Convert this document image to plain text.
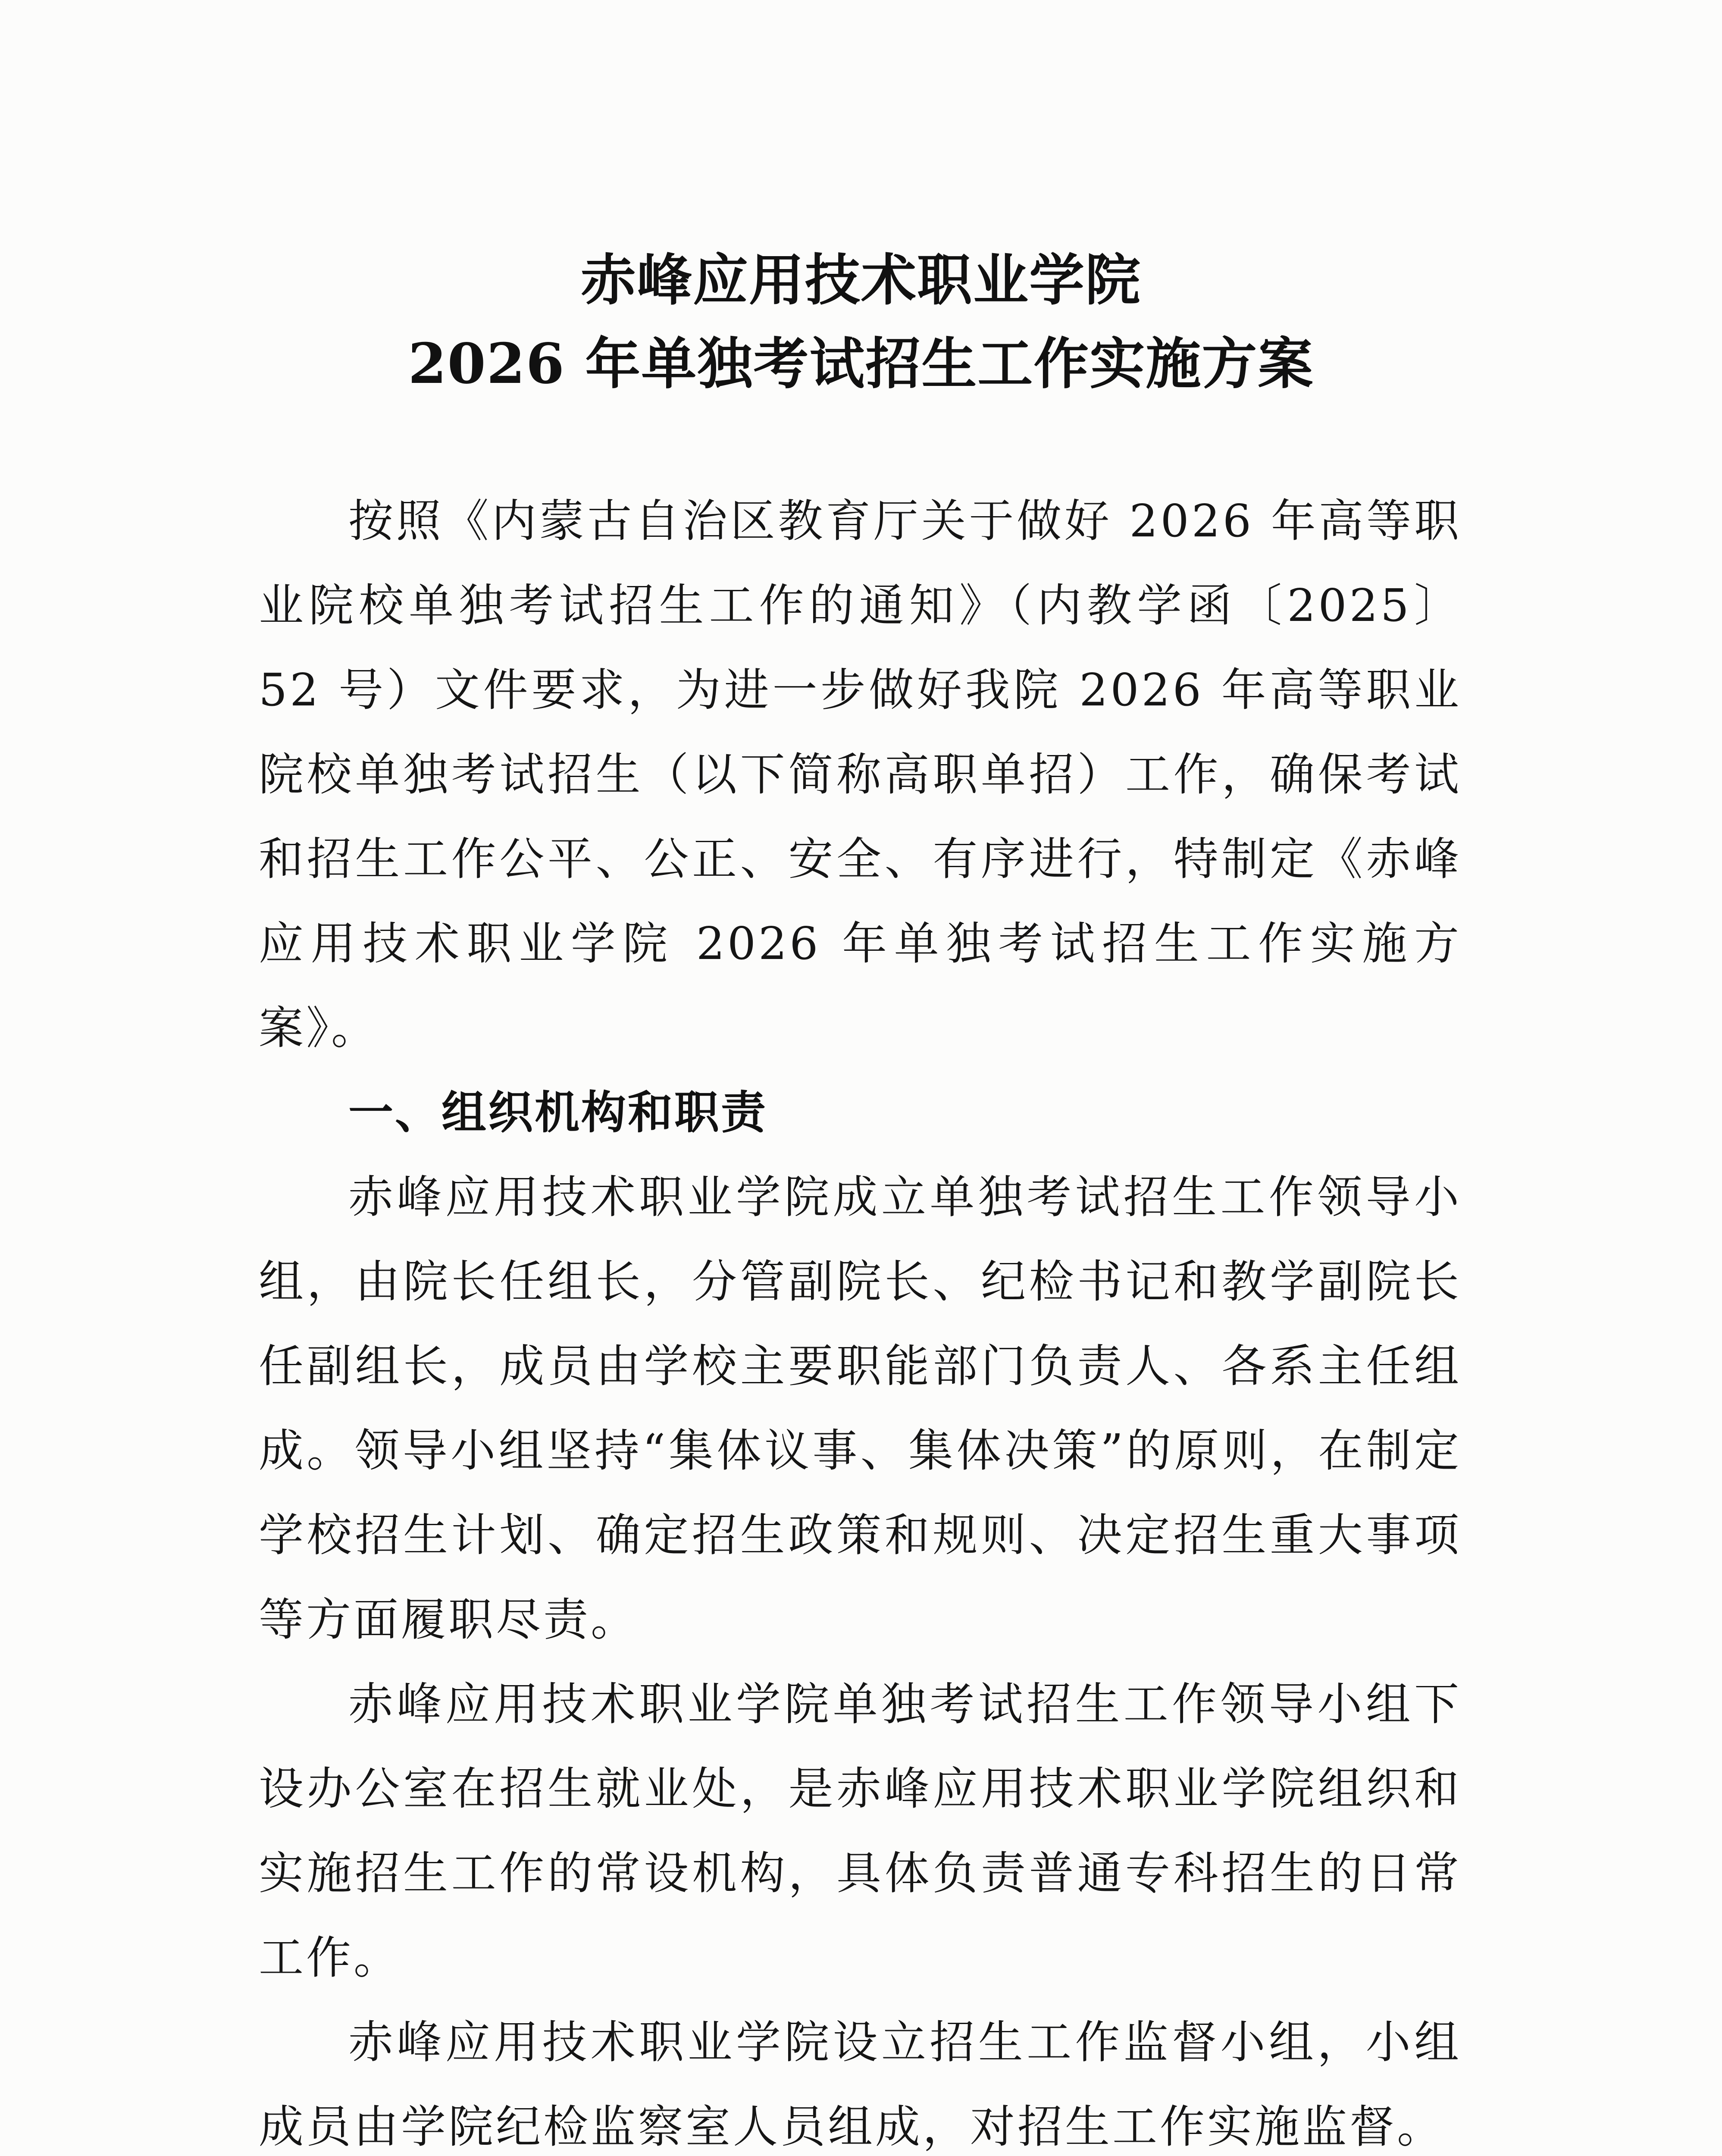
赤峰应用技术职业学院
2026 年单独考试招生工作实施方案

按照《内蒙古自治区教育厅关于做好 2026 年高等职业院校单独考试招生工作的通知》（内教学函〔2025〕52 号）文件要求，为进一步做好我院 2026 年高等职业院校单独考试招生（以下简称高职单招）工作，确保考试和招生工作公平、公正、安全、有序进行，特制定《赤峰应用技术职业学院 2026 年单独考试招生工作实施方案》。

一、组织机构和职责

赤峰应用技术职业学院成立单独考试招生工作领导小组，由院长任组长，分管副院长、纪检书记和教学副院长任副组长，成员由学校主要职能部门负责人、各系主任组成。领导小组坚持“集体议事、集体决策”的原则，在制定学校招生计划、确定招生政策和规则、决定招生重大事项等方面履职尽责。

赤峰应用技术职业学院单独考试招生工作领导小组下设办公室在招生就业处，是赤峰应用技术职业学院组织和实施招生工作的常设机构，具体负责普通专科招生的日常工作。

赤峰应用技术职业学院设立招生工作监督小组，小组成员由学院纪检监察室人员组成，对招生工作实施监督。
